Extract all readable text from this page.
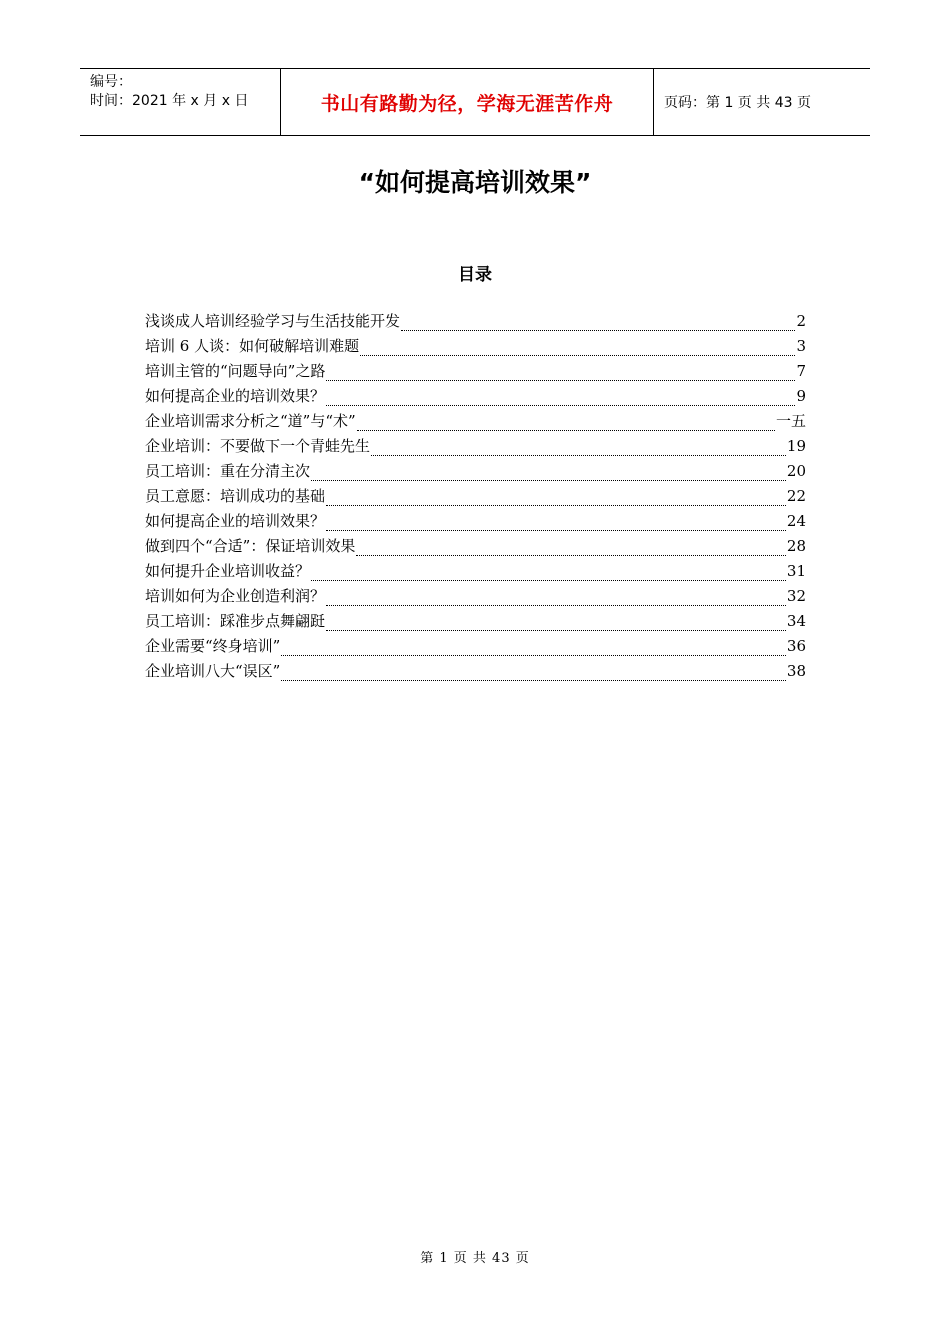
编号：
时间：2021 年 x 月 x 日	书山有路勤为径，学海无涯苦作舟	页码：第 1 页 共 43 页
“如何提高培训效果”
目录
浅谈成人培训经验学习与生活技能开发	2
培训 6 人谈：如何破解培训难题	3
培训主管的“问题导向”之路	7
如何提高企业的培训效果？	9
企业培训需求分析之“道”与“术”	一五
企业培训：不要做下一个青蛙先生	19
员工培训：重在分清主次	20
员工意愿：培训成功的基础	22
如何提高企业的培训效果？	24
做到四个“合适”：保证培训效果	28
如何提升企业培训收益？	31
培训如何为企业创造利润？	32
员工培训：踩准步点舞翩跹	34
企业需要“终身培训”	36
企业培训八大“误区”	38
第 1 页 共 43 页
